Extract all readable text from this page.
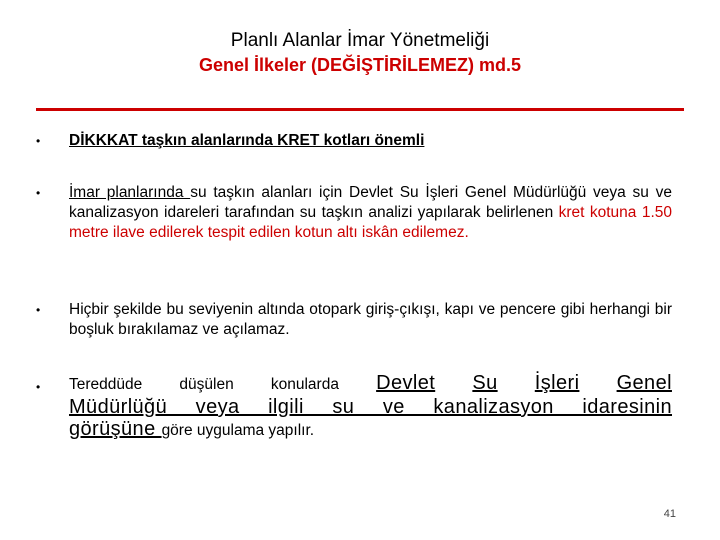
Planlı Alanlar İmar Yönetmeliği
Genel İlkeler (DEĞİŞTİRİLEMEZ) md.5
• DİKKKAT taşkın alanlarında KRET kotları önemli
• İmar planlarında su taşkın alanları için Devlet Su İşleri Genel Müdürlüğü veya su ve kanalizasyon idareleri tarafından su taşkın analizi yapılarak belirlenen kret kotuna 1.50 metre ilave edilerek tespit edilen kotun altı iskân edilemez.
• Hiçbir şekilde bu seviyenin altında otopark giriş-çıkışı, kapı ve pencere gibi herhangi bir boşluk bırakılamaz ve açılamaz.
• Tereddüde düşülen konularda Devlet Su İşleri Genel
Müdürlüğü veya ilgili su ve kanalizasyon idaresinin
görüşüne göre uygulama yapılır.
41
